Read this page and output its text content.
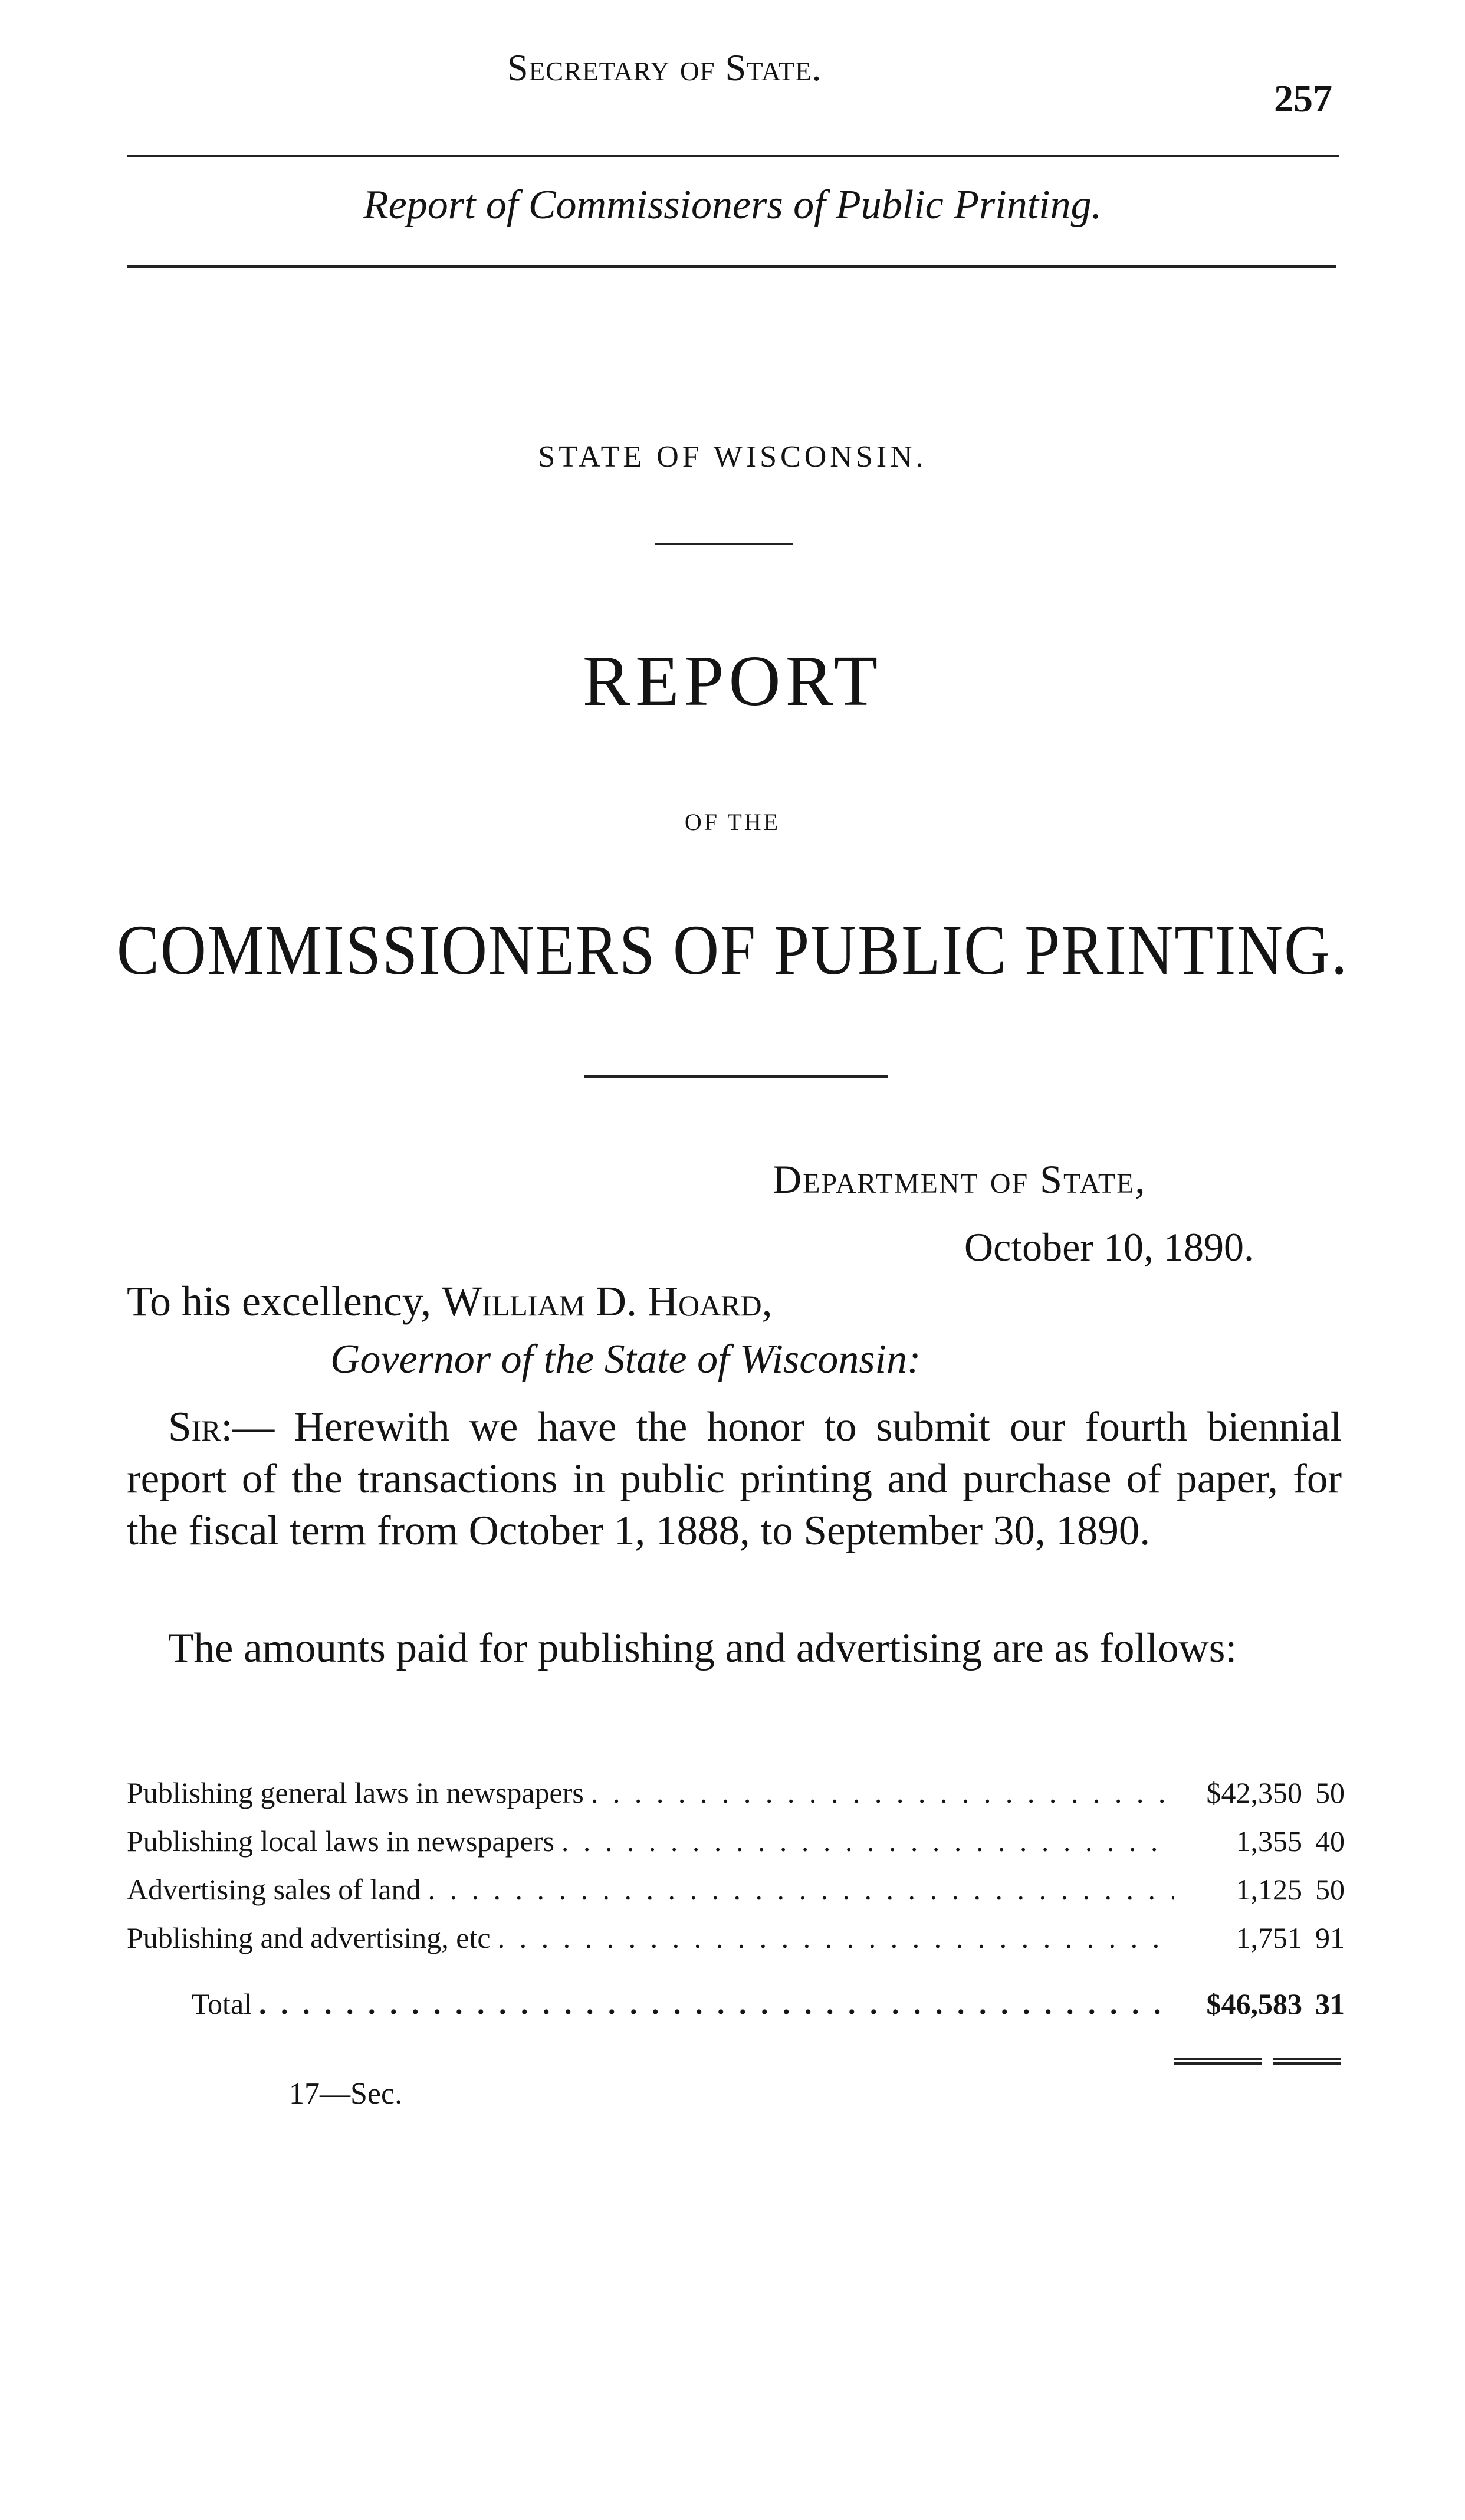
Secretary of State.
257
Report of Commissioners of Public Printing.
STATE OF WISCONSIN.
REPORT
OF THE
COMMISSIONERS OF PUBLIC PRINTING.
Department of State,
October 10, 1890.
To his excellency, William D. Hoard,
Governor of the State of Wisconsin:
Sir:— Herewith we have the honor to submit our fourth biennial report of the transactions in public printing and purchase of paper, for the fiscal term from October 1, 1888, to September 30, 1890.
The amounts paid for publishing and advertising are as follows:
Publishing general laws in newspapers . . .	$42,350 50
Publishing local laws in newspapers . . .	1,355 40
Advertising sales of land . . .	1,125 50
Publishing and advertising, etc . . .	1,751 91
Total . . .	$46,583 31
17—Sec.
